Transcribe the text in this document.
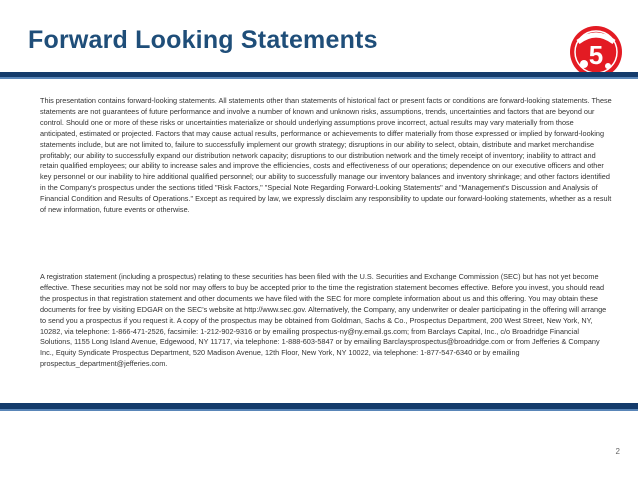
Forward Looking Statements	5
This presentation contains forward-looking statements. All statements other than statements of historical fact or present facts or conditions are forward-looking statements. These statements are not guarantees of future performance and involve a number of known and unknown risks, assumptions, trends, uncertainties and factors that are beyond our control. Should one or more of these risks or uncertainties materialize or should underlying assumptions prove incorrect, actual results may vary materially from those anticipated, estimated or projected. Factors that may cause actual results, performance or achievements to differ materially from those expressed or implied by forward-looking statements include, but are not limited to, failure to successfully implement our growth strategy; disruptions in our ability to select, obtain, distribute and market merchandise profitably; our ability to successfully expand our distribution network capacity; disruptions to our distribution network and the timely receipt of inventory; inability to attract and retain qualified employees; our ability to increase sales and improve the efficiencies, costs and effectiveness of our operations; dependence on our executive officers and other key personnel or our inability to hire additional qualified personnel; our ability to successfully manage our inventory balances and inventory shrinkage; and other factors identified in the Company's prospectus under the sections titled "Risk Factors," "Special Note Regarding Forward-Looking Statements" and "Management's Discussion and Analysis of Financial Condition and Results of Operations." Except as required by law, we expressly disclaim any responsibility to update our forward-looking statements, whether as a result of new information, future events or otherwise.
A registration statement (including a prospectus) relating to these securities has been filed with the U.S. Securities and Exchange Commission (SEC) but has not yet become effective. These securities may not be sold nor may offers to buy be accepted prior to the time the registration statement becomes effective. Before you invest, you should read the prospectus in that registration statement and other documents we have filed with the SEC for more complete information about us and this offering. You may obtain these documents for free by visiting EDGAR on the SEC's website at http://www.sec.gov. Alternatively, the Company, any underwriter or dealer participating in the offering will arrange to send you a prospectus if you request it. A copy of the prospectus may be obtained from Goldman, Sachs & Co., Prospectus Department, 200 West Street, New York, NY, 10282, via telephone: 1-866-471-2526, facsimile: 1-212-902-9316 or by emailing prospectus-ny@ny.email.gs.com; from Barclays Capital, Inc., c/o Broadridge Financial Solutions, 1155 Long Island Avenue, Edgewood, NY 11717, via telephone: 1-888-603-5847 or by emailing Barclaysprospectus@broadridge.com or from Jefferies & Company Inc., Equity Syndicate Prospectus Department, 520 Madison Avenue, 12th Floor, New York, NY 10022, via telephone: 1-877-547-6340 or by emailing prospectus_department@jefferies.com.
2
